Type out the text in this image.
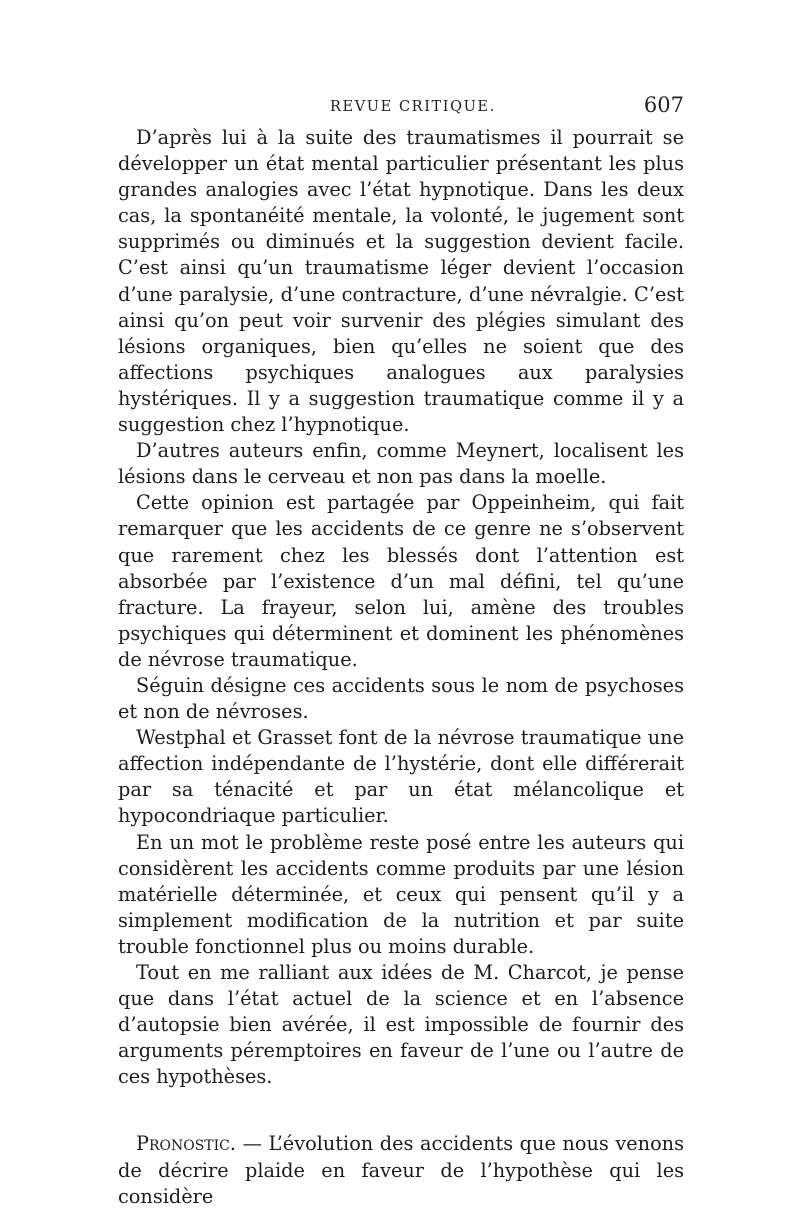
REVUE CRITIQUE.	607

D’après lui à la suite des traumatismes il pourrait se développer un état mental particulier présentant les plus grandes analogies avec l’état hypnotique. Dans les deux cas, la spontanéité mentale, la volonté, le jugement sont supprimés ou diminués et la suggestion devient facile. C’est ainsi qu’un traumatisme léger devient l’occasion d’une paralysie, d’une contracture, d’une névralgie. C’est ainsi qu’on peut voir survenir des plégies simulant des lésions organiques, bien qu’elles ne soient que des affections psychiques analogues aux paralysies hystériques. Il y a suggestion traumatique comme il y a suggestion chez l’hypnotique.

D’autres auteurs enfin, comme Meynert, localisent les lésions dans le cerveau et non pas dans la moelle.

Cette opinion est partagée par Oppeinheim, qui fait remarquer que les accidents de ce genre ne s’observent que rarement chez les blessés dont l’attention est absorbée par l’existence d’un mal défini, tel qu’une fracture. La frayeur, selon lui, amène des troubles psychiques qui déterminent et dominent les phénomènes de névrose traumatique.

Séguin désigne ces accidents sous le nom de psychoses et non de névroses.

Westphal et Grasset font de la névrose traumatique une affection indépendante de l’hystérie, dont elle différerait par sa ténacité et par un état mélancolique et hypocondriaque particulier.

En un mot le problème reste posé entre les auteurs qui considèrent les accidents comme produits par une lésion matérielle déterminée, et ceux qui pensent qu’il y a simplement modification de la nutrition et par suite trouble fonctionnel plus ou moins durable.

Tout en me ralliant aux idées de M. Charcot, je pense que dans l’état actuel de la science et en l’absence d’autopsie bien avérée, il est impossible de fournir des arguments péremptoires en faveur de l’une ou l’autre de ces hypothèses.

Pronostic. — L’évolution des accidents que nous venons de décrire plaide en faveur de l’hypothèse qui les considère
